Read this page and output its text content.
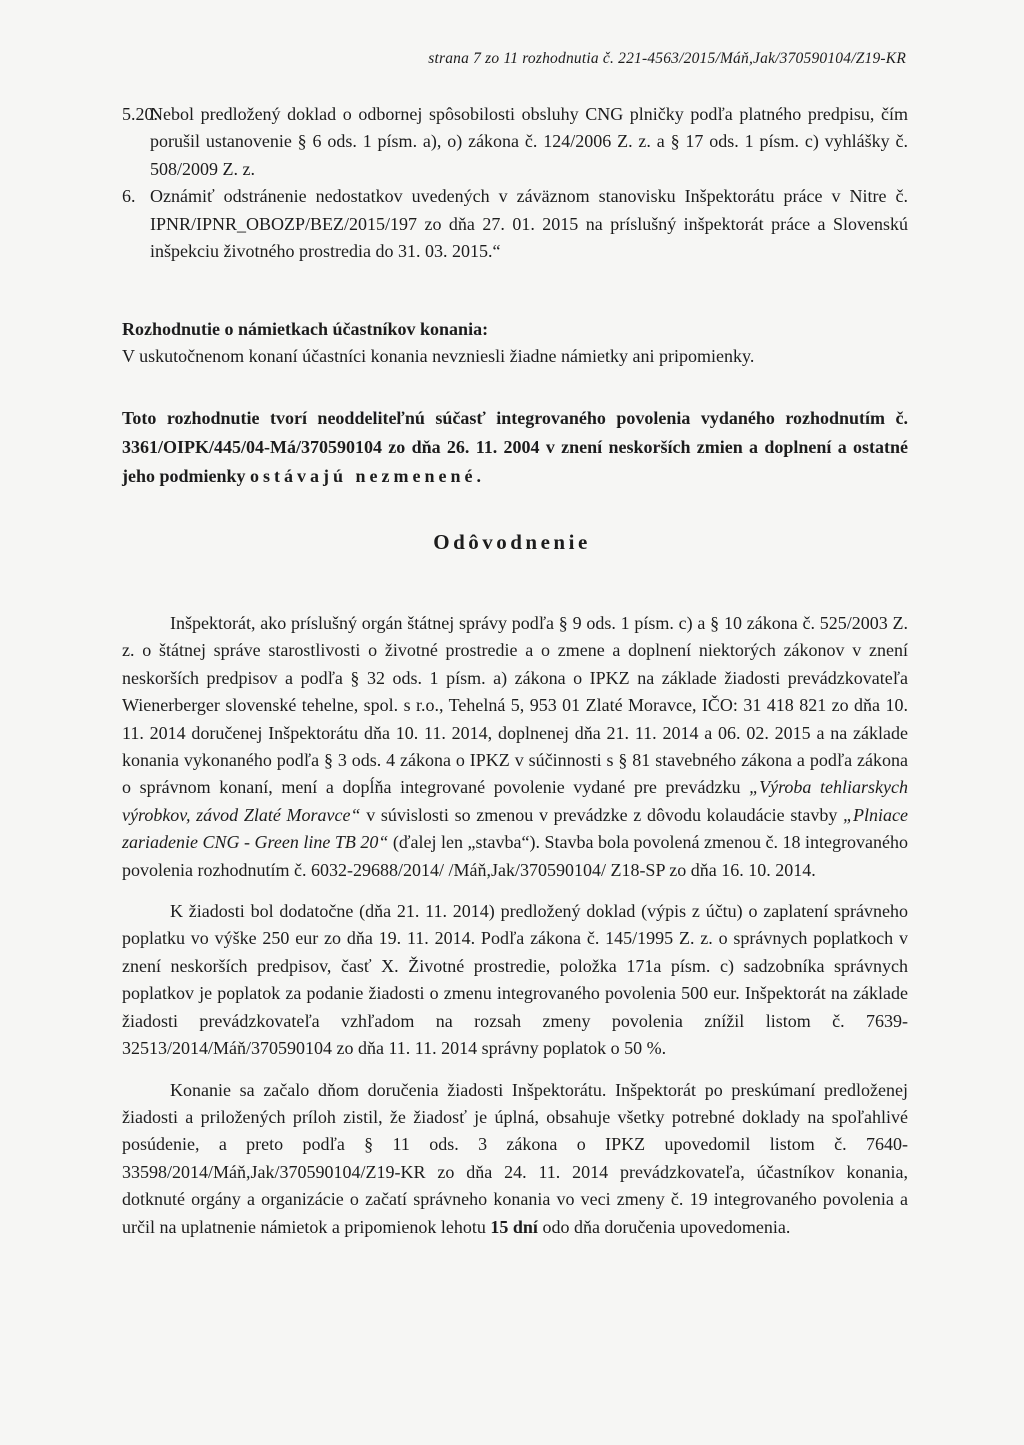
strana 7 zo 11 rozhodnutia č. 221-4563/2015/Máň,Jak/370590104/Z19-KR
5.20.Nebol predložený doklad o odbornej spôsobilosti obsluhy CNG plničky podľa platného predpisu, čím porušil ustanovenie § 6 ods. 1 písm. a), o) zákona č. 124/2006 Z. z. a § 17 ods. 1 písm. c) vyhlášky č. 508/2009 Z. z.
6. Oznámiť odstránenie nedostatkov uvedených v záväznom stanovisku Inšpektorátu práce v Nitre č. IPNR/IPNR_OBOZP/BEZ/2015/197 zo dňa 27. 01. 2015 na príslušný inšpektorát práce a Slovenskú inšpekciu životného prostredia do 31. 03. 2015.“
Rozhodnutie o námietkach účastníkov konania:
V uskutočnenom konaní účastníci konania nevzniesli žiadne námietky ani pripomienky.
Toto rozhodnutie tvorí neoddeliteľnú súčasť integrovaného povolenia vydaného rozhodnutím č. 3361/OIPK/445/04-Má/370590104 zo dňa 26. 11. 2004 v znení neskorších zmien a doplnení a ostatné jeho podmienky ostávajú nezmenené.
Odôvodnenie
Inšpektorát, ako príslušný orgán štátnej správy podľa § 9 ods. 1 písm. c) a § 10 zákona č. 525/2003 Z. z. o štátnej správe starostlivosti o životné prostredie a o zmene a doplnení niektorých zákonov v znení neskorších predpisov a podľa § 32 ods. 1 písm. a) zákona o IPKZ na základe žiadosti prevádzkovateľa Wienerberger slovenské tehelne, spol. s r.o., Tehelná 5, 953 01 Zlaté Moravce, IČO: 31 418 821 zo dňa 10. 11. 2014 doručenej Inšpektorátu dňa 10. 11. 2014, doplnenej dňa 21. 11. 2014 a 06. 02. 2015 a na základe konania vykonaného podľa § 3 ods. 4 zákona o IPKZ v súčinnosti s § 81 stavebného zákona a podľa zákona o správnom konaní, mení a dopĺňa integrované povolenie vydané pre prevádzku „Výroba tehliarskych výrobkov, závod Zlaté Moravce“ v súvislosti so zmenou v prevádzke z dôvodu kolaudácie stavby „Plniace zariadenie CNG - Green line TB 20“ (ďalej len „stavba“). Stavba bola povolená zmenou č. 18 integrovaného povolenia rozhodnutím č. 6032-29688/2014/ /Máň,Jak/370590104/ Z18-SP zo dňa 16. 10. 2014.
K žiadosti bol dodatočne (dňa 21. 11. 2014) predložený doklad (výpis z účtu) o zaplatení správneho poplatku vo výške 250 eur zo dňa 19. 11. 2014. Podľa zákona č. 145/1995 Z. z. o správnych poplatkoch v znení neskorších predpisov, časť X. Životné prostredie, položka 171a písm. c) sadzobníka správnych poplatkov je poplatok za podanie žiadosti o zmenu integrovaného povolenia 500 eur. Inšpektorát na základe žiadosti prevádzkovateľa vzhľadom na rozsah zmeny povolenia znížil listom č. 7639-32513/2014/Máň/370590104 zo dňa 11. 11. 2014 správny poplatok o 50 %.
Konanie sa začalo dňom doručenia žiadosti Inšpektorátu. Inšpektorát po preskúmaní predloženej žiadosti a priložených príloh zistil, že žiadosť je úplná, obsahuje všetky potrebné doklady na spoľahlivé posúdenie, a preto podľa § 11 ods. 3 zákona o IPKZ upovedomil listom č. 7640-33598/2014/Máň,Jak/370590104/Z19-KR zo dňa 24. 11. 2014 prevádzkovateľa, účastníkov konania, dotknuté orgány a organizácie o začatí správneho konania vo veci zmeny č. 19 integrovaného povolenia a určil na uplatnenie námietok a pripomienok lehotu 15 dní odo dňa doručenia upovedomenia.
